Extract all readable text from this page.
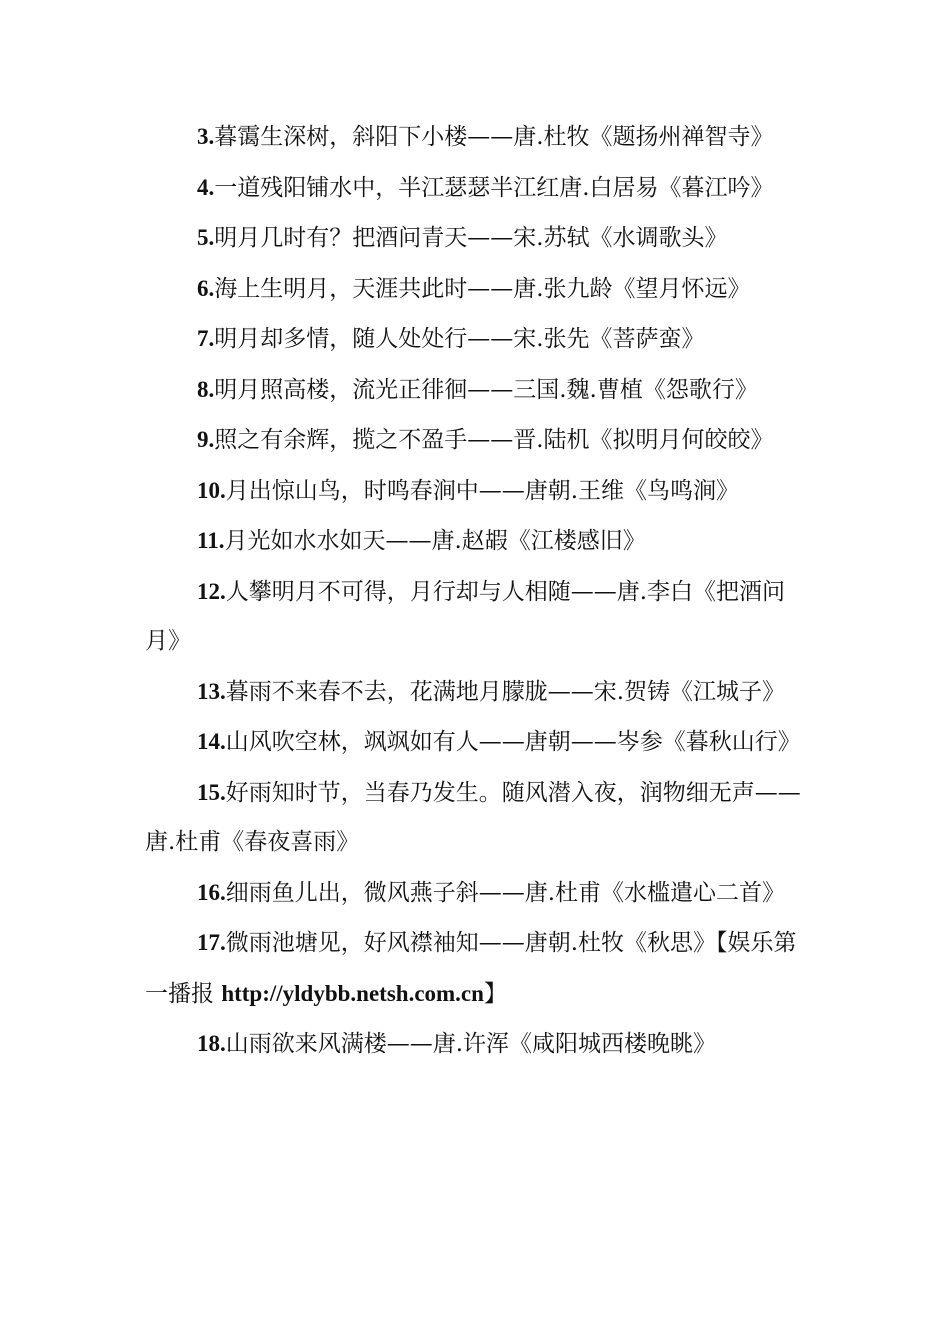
3.暮霭生深树，斜阳下小楼——唐.杜牧《题扬州禅智寺》

4.一道残阳铺水中，半江瑟瑟半江红唐.白居易《暮江吟》

5.明月几时有？把酒问青天——宋.苏轼《水调歌头》

6.海上生明月，天涯共此时——唐.张九龄《望月怀远》

7.明月却多情，随人处处行——宋.张先《菩萨蛮》

8.明月照高楼，流光正徘徊——三国.魏.曹植《怨歌行》

9.照之有余辉，揽之不盈手——晋.陆机《拟明月何皎皎》

10.月出惊山鸟，时鸣春涧中——唐朝.王维《鸟鸣涧》

11.月光如水水如天——唐.赵嘏《江楼感旧》

12.人攀明月不可得，月行却与人相随——唐.李白《把酒问月》

13.暮雨不来春不去，花满地月朦胧——宋.贺铸《江城子》

14.山风吹空林，飒飒如有人——唐朝——岑参《暮秋山行》

15.好雨知时节，当春乃发生。随风潜入夜，润物细无声——唐.杜甫《春夜喜雨》

16.细雨鱼儿出，微风燕子斜——唐.杜甫《水槛遣心二首》

17.微雨池塘见，好风襟袖知——唐朝.杜牧《秋思》【娱乐第一播报 http://yldybb.netsh.com.cn】

18.山雨欲来风满楼——唐.许浑《咸阳城西楼晚眺》
